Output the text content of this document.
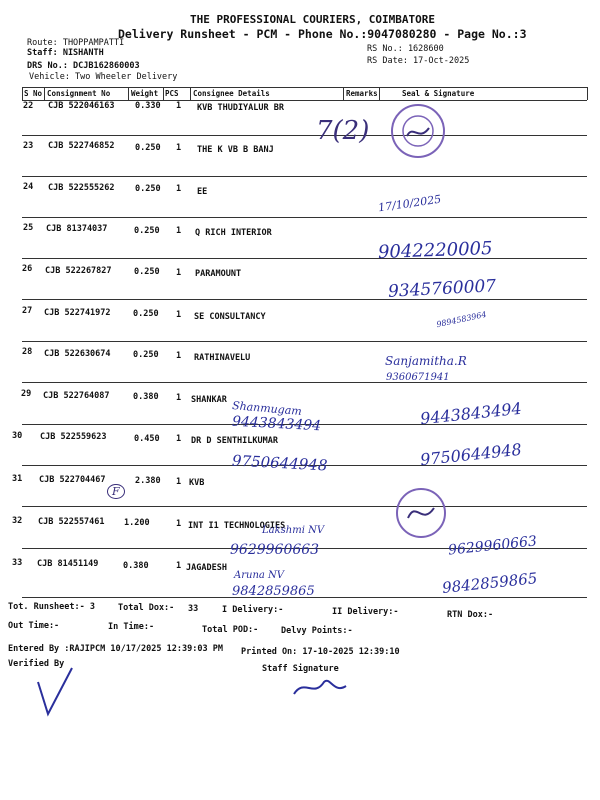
THE PROFESSIONAL COURIERS, COIMBATORE
Delivery Runsheet - PCM - Phone No.:9047080280 - Page No.:3
Route: THOPPAMPATTI
Staff: NISHANTH
DRS No.: DCJB162860003
RS No.: 1628600
RS Date: 17-Oct-2025
Vehicle: Two Wheeler Delivery
S No Consignment No	Weight PCS Consignee Details	Remarks	Seal & Signature
22 CJB 522046163 0.330 1 KVB THUDIYALUR BR
23 CJB 522746852 0.250 1 THE K VB B BANJ
24 CJB 522555262 0.250 1 EE
25 CJB 81374037	0.250 1 Q RICH INTERIOR
26 CJB 522267827	0.250 1 PARAMOUNT
27 CJB 522741972	0.250 1 SE CONSULTANCY
28 CJB 522630674	0.250 1 RATHINAVELU
29 CJB 522764087	0.380 1 SHANKAR
30 CJB 522559623	0.450 1 DR D SENTHILKUMAR
31 CJB 522704467	2.380 1 KVB
32 CJB 522557461 1.200	1 INT I1 TECHNOLOGIES
33 CJB 81451149	0.380	1 JAGADESH
7(2)
17/10/2025
9042220005
9345760007
9894583964
Sanjamitha.R
9360671941
Shanmugam
9443843494	9443843494
9750644948	9750644948
F
Lakshmi NV
9629960663	9629960663
Aruna NV
9842859865	9842859865
Tot. Runsheet:- 3	Total Dox:- 33	I Delivery:-	II Delivery:-	RTN Dox:-
Out Time:-	In Time:-	Total POD:-	Delvy Points:-
Entered By :RAJIPCM 10/17/2025 12:39:03 PM Printed On: 17-10-2025 12:39:10
Verified By	Staff Signature
